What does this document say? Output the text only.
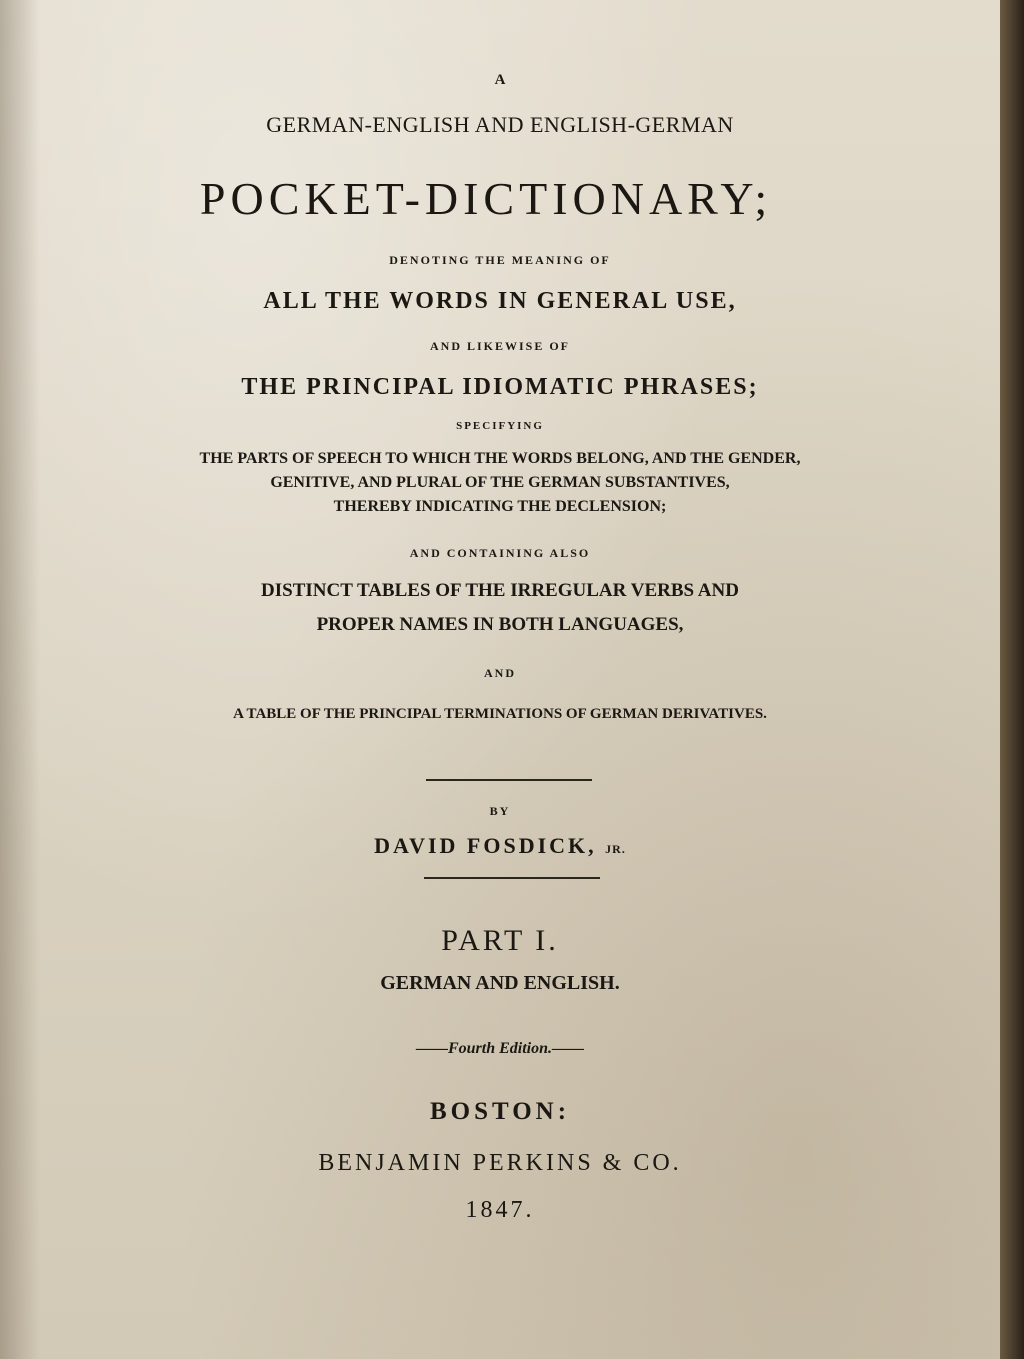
A

GERMAN-ENGLISH AND ENGLISH-GERMAN

POCKET-DICTIONARY;

DENOTING THE MEANING OF

ALL THE WORDS IN GENERAL USE,

AND LIKEWISE OF

THE PRINCIPAL IDIOMATIC PHRASES;

SPECIFYING

THE PARTS OF SPEECH TO WHICH THE WORDS BELONG, AND THE GENDER,

GENITIVE, AND PLURAL OF THE GERMAN SUBSTANTIVES,

THEREBY INDICATING THE DECLENSION;

AND CONTAINING ALSO

DISTINCT TABLES OF THE IRREGULAR VERBS AND

PROPER NAMES IN BOTH LANGUAGES,

AND

A TABLE OF THE PRINCIPAL TERMINATIONS OF GERMAN DERIVATIVES.

BY

DAVID FOSDICK, JR.

PART I.

GERMAN AND ENGLISH.

——Fourth Edition.——

BOSTON:

BENJAMIN PERKINS & CO.

1847.
